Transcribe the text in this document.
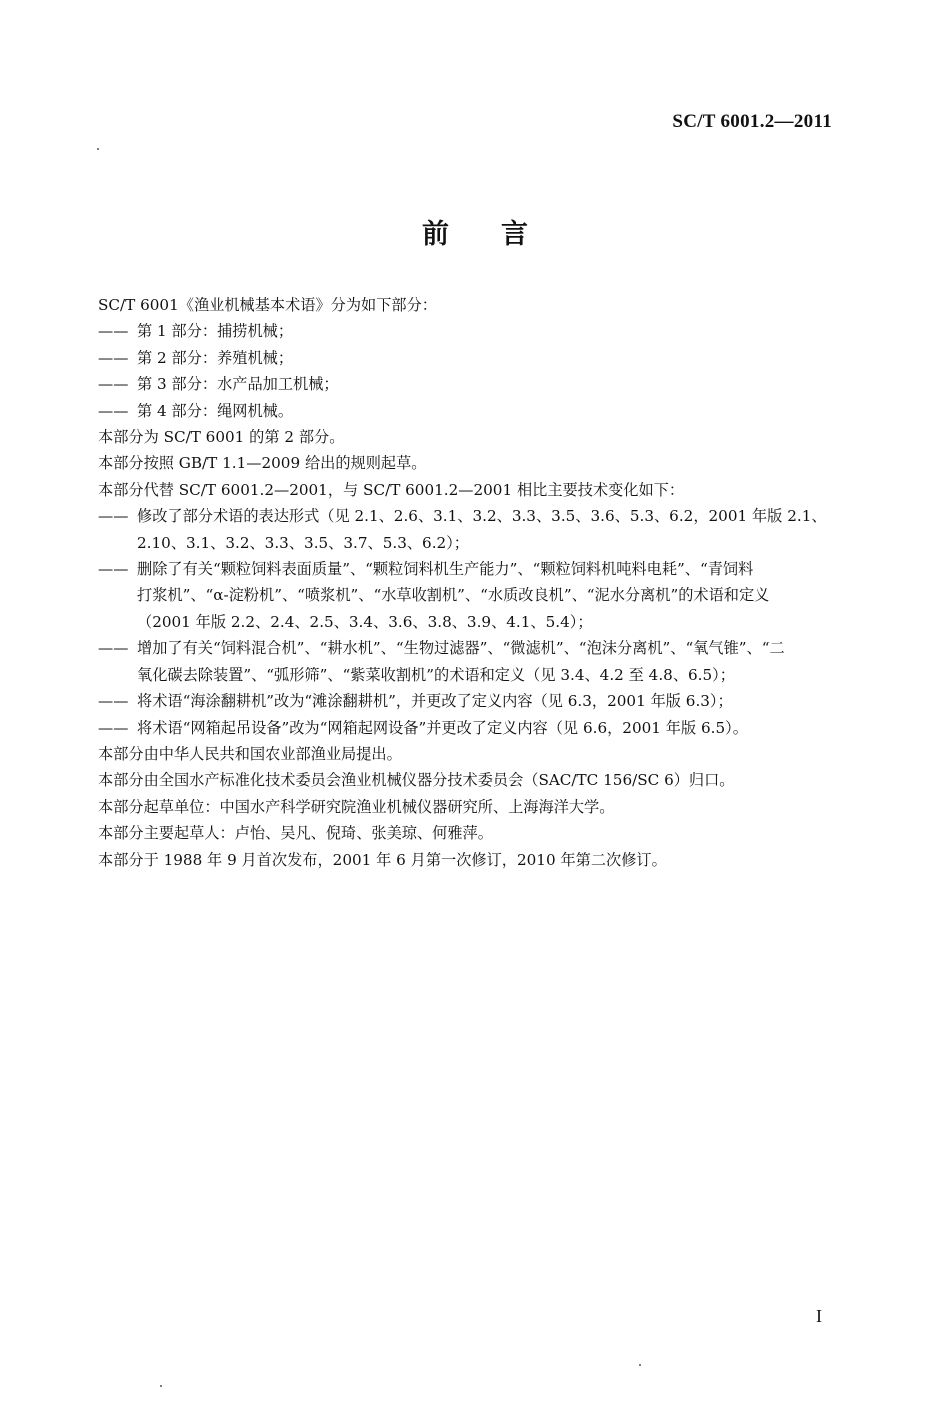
SC/T 6001.2—2011
前言
SC/T 6001《渔业机械基本术语》分为如下部分：
—— 第 1 部分：捕捞机械；
—— 第 2 部分：养殖机械；
—— 第 3 部分：水产品加工机械；
—— 第 4 部分：绳网机械。
本部分为 SC/T 6001 的第 2 部分。
本部分按照 GB/T 1.1—2009 给出的规则起草。
本部分代替 SC/T 6001.2—2001，与 SC/T 6001.2—2001 相比主要技术变化如下：
—— 修改了部分术语的表达形式（见 2.1、2.6、3.1、3.2、3.3、3.5、3.6、5.3、6.2，2001 年版 2.1、
2.10、3.1、3.2、3.3、3.5、3.7、5.3、6.2）；
—— 删除了有关“颗粒饲料表面质量”、“颗粒饲料机生产能力”、“颗粒饲料机吨料电耗”、“青饲料
打浆机”、“α-淀粉机”、“喷浆机”、“水草收割机”、“水质改良机”、“泥水分离机”的术语和定义
（2001 年版 2.2、2.4、2.5、3.4、3.6、3.8、3.9、4.1、5.4）；
—— 增加了有关“饲料混合机”、“耕水机”、“生物过滤器”、“微滤机”、“泡沫分离机”、“氧气锥”、“二
氧化碳去除装置”、“弧形筛”、“紫菜收割机”的术语和定义（见 3.4、4.2 至 4.8、6.5）；
—— 将术语“海涂翻耕机”改为“滩涂翻耕机”，并更改了定义内容（见 6.3，2001 年版 6.3）；
—— 将术语“网箱起吊设备”改为“网箱起网设备”并更改了定义内容（见 6.6，2001 年版 6.5）。
本部分由中华人民共和国农业部渔业局提出。
本部分由全国水产标准化技术委员会渔业机械仪器分技术委员会（SAC/TC 156/SC 6）归口。
本部分起草单位：中国水产科学研究院渔业机械仪器研究所、上海海洋大学。
本部分主要起草人：卢怡、吴凡、倪琦、张美琼、何雅萍。
本部分于 1988 年 9 月首次发布，2001 年 6 月第一次修订，2010 年第二次修订。
I
